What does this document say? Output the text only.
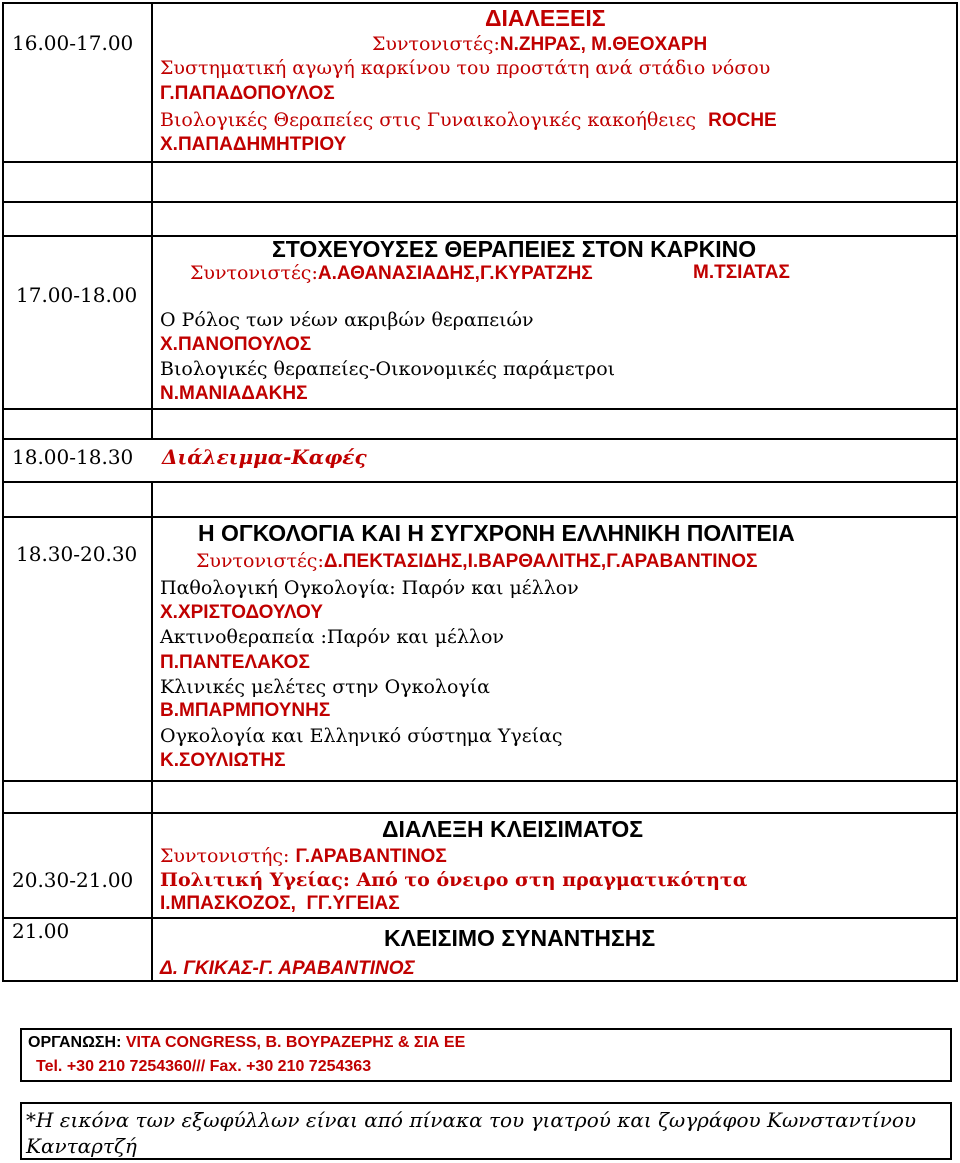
16.00-17.00
ΔΙΑΛΕΞΕΙΣ
Συντονιστές:Ν.ΖΗΡΑΣ, Μ.ΘΕΟΧΑΡΗ
Συστηματική αγωγή καρκίνου του προστάτη ανά στάδιο νόσου
Γ.ΠΑΠΑΔΟΠΟΥΛΟΣ
Βιολογικές Θεραπείες στις Γυναικολογικές κακοήθειες ROCHE
Χ.ΠΑΠΑΔΗΜΗΤΡΙΟΥ
17.00-18.00
ΣΤΟΧΕΥΟΥΣΕΣ ΘΕΡΑΠΕΙΕΣ ΣΤΟΝ ΚΑΡΚΙΝΟ
Συντονιστές:Α.ΑΘΑΝΑΣΙΑΔΗΣ,Γ.ΚΥΡΑΤΖΗΣ	Μ.ΤΣΙΑΤΑΣ
Ο Ρόλος των νέων ακριβών θεραπειών
Χ.ΠΑΝΟΠΟΥΛΟΣ
Βιολογικές θεραπείες-Οικονομικές παράμετροι
Ν.ΜΑΝΙΑΔΑΚΗΣ
18.00-18.30 Διάλειμμα-Καφές
18.30-20.30
Η ΟΓΚΟΛΟΓΙΑ ΚΑΙ Η ΣΥΓΧΡΟΝΗ ΕΛΛΗΝΙΚΗ ΠΟΛΙΤΕΙΑ
Συντονιστές:Δ.ΠΕΚΤΑΣΙΔΗΣ,Ι.ΒΑΡΘΑΛΙΤΗΣ,Γ.ΑΡΑΒΑΝΤΙΝΟΣ
Παθολογική Ογκολογία: Παρόν και μέλλον
Χ.ΧΡΙΣΤΟΔΟΥΛΟΥ
Ακτινοθεραπεία :Παρόν και μέλλον
Π.ΠΑΝΤΕΛΑΚΟΣ
Κλινικές μελέτες στην Ογκολογία
Β.ΜΠΑΡΜΠΟΥΝΗΣ
Ογκολογία και Ελληνικό σύστημα Υγείας
Κ.ΣΟΥΛΙΩΤΗΣ
ΔΙΑΛΕΞΗ ΚΛΕΙΣΙΜΑΤΟΣ
Συντονιστής: Γ.ΑΡΑΒΑΝΤΙΝΟΣ
20.30-21.00 Πολιτική Υγείας: Από το όνειρο στη πραγματικότητα
Ι.ΜΠΑΣΚΟΖΟΣ,  ΓΓ.ΥΓΕΙΑΣ
21.00	ΚΛΕΙΣΙΜΟ ΣΥΝΑΝΤΗΣΗΣ
Δ. ΓΚΙΚΑΣ-Γ. ΑΡΑΒΑΝΤΙΝΟΣ
ΟΡΓΑΝΩΣΗ: VITA CONGRESS, Β. ΒΟΥΡΑΖΕΡΗΣ & ΣΙΑ ΕΕ
Tel. +30 210 7254360/// Fax. +30 210 7254363
*Η εικόνα των εξωφύλλων είναι από πίνακα του γιατρού και ζωγράφου Κωνσταντίνου
Κανταρτζή
